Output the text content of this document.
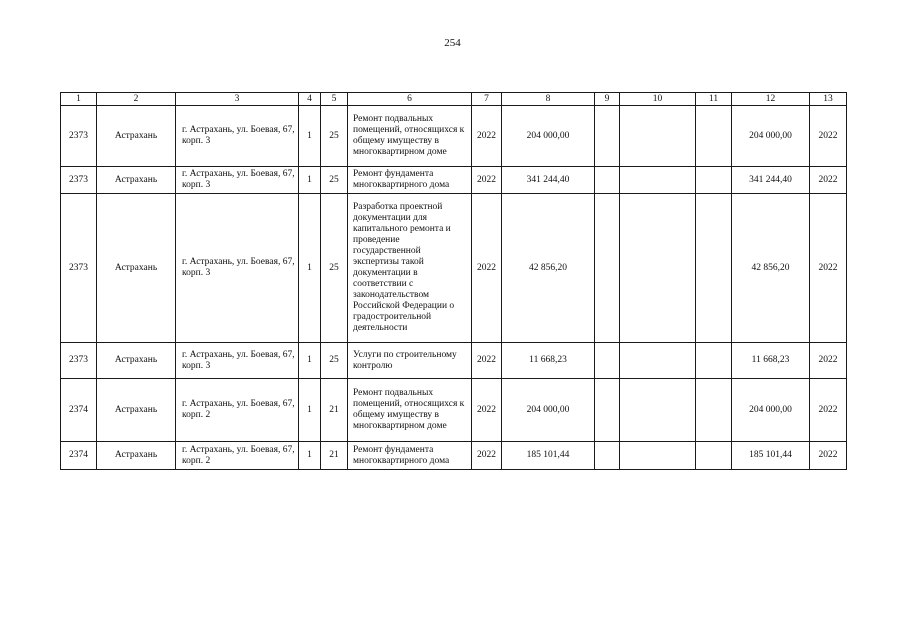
254
1	2	3	4	5	6	7	8	9	10	11	12	13
2373	Астрахань	г. Астрахань, ул. Боевая, 67, корп. 3	1	25	Ремонт подвальных помещений, относящихся к общему имуществу в многоквартирном доме	2022	204 000,00				204 000,00	2022
2373	Астрахань	г. Астрахань, ул. Боевая, 67, корп. 3	1	25	Ремонт фундамента многоквартирного дома	2022	341 244,40				341 244,40	2022
2373	Астрахань	г. Астрахань, ул. Боевая, 67, корп. 3	1	25	Разработка проектной документации для капитального ремонта и проведение государственной экспертизы такой документации в соответствии с законодательством Российской Федерации о градостроительной деятельности	2022	42 856,20				42 856,20	2022
2373	Астрахань	г. Астрахань, ул. Боевая, 67, корп. 3	1	25	Услуги по строительному контролю	2022	11 668,23				11 668,23	2022
2374	Астрахань	г. Астрахань, ул. Боевая, 67, корп. 2	1	21	Ремонт подвальных помещений, относящихся к общему имуществу в многоквартирном доме	2022	204 000,00				204 000,00	2022
2374	Астрахань	г. Астрахань, ул. Боевая, 67, корп. 2	1	21	Ремонт фундамента многоквартирного дома	2022	185 101,44				185 101,44	2022
